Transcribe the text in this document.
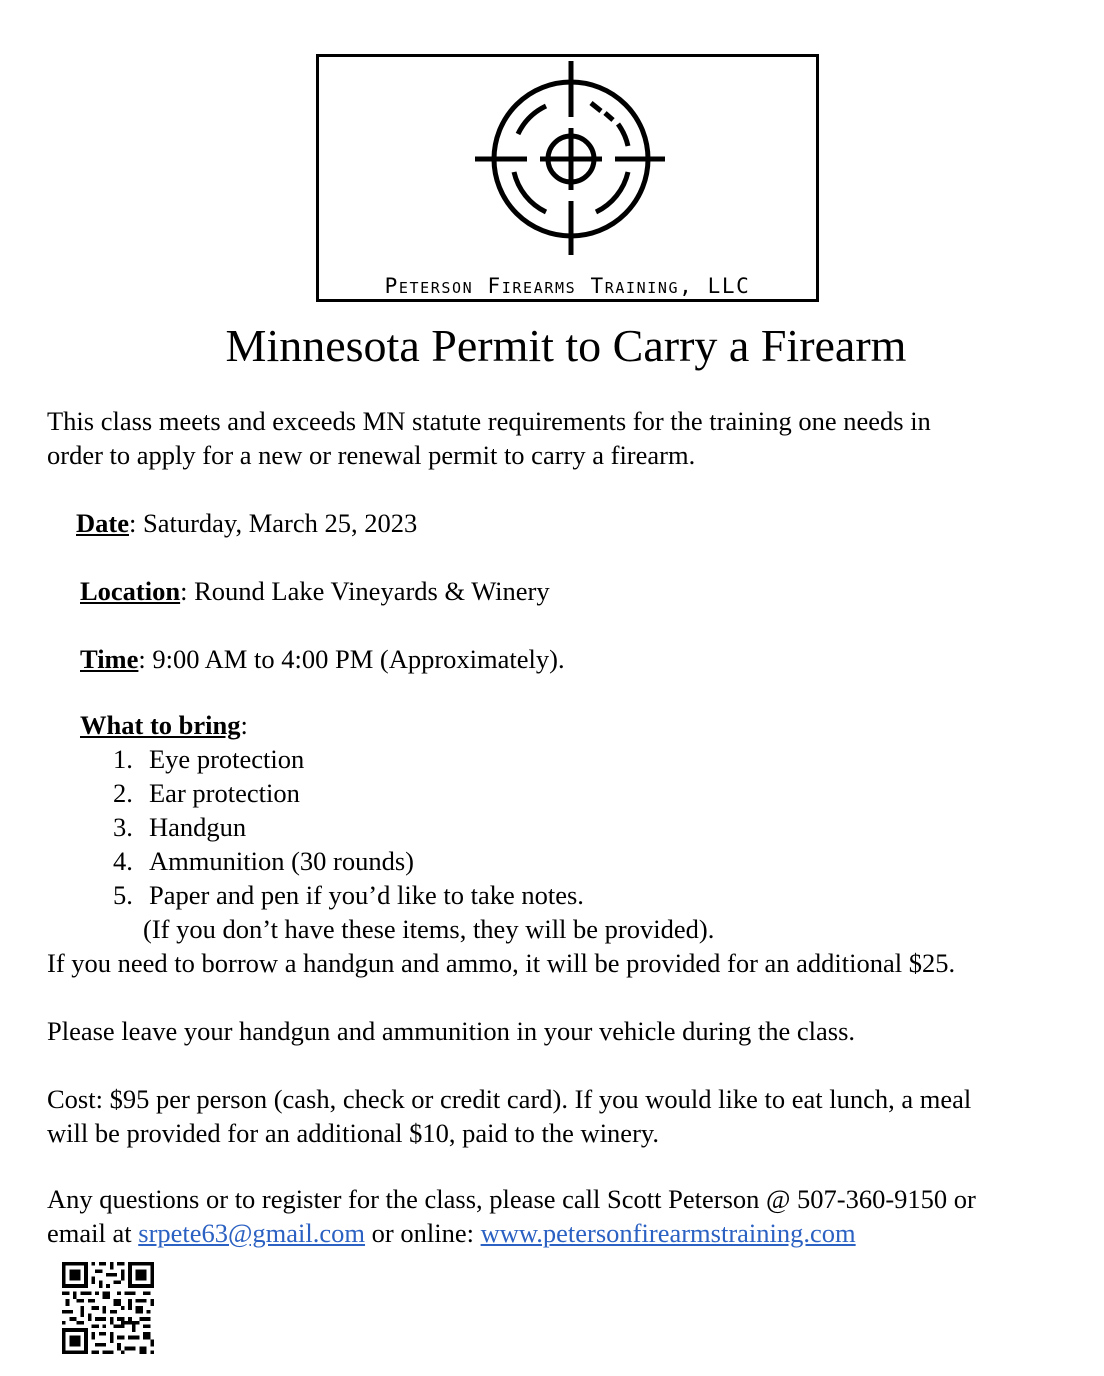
Peterson Firearms Training, LLC
Minnesota Permit to Carry a Firearm
This class meets and exceeds MN statute requirements for the training one needs in
order to apply for a new or renewal permit to carry a firearm.
Date: Saturday, March 25, 2023
Location: Round Lake Vineyards & Winery
Time: 9:00 AM to 4:00 PM (Approximately).
What to bring:
1. Eye protection
2. Ear protection
3. Handgun
4. Ammunition (30 rounds)
5. Paper and pen if you’d like to take notes.
(If you don’t have these items, they will be provided).
If you need to borrow a handgun and ammo, it will be provided for an additional $25.
Please leave your handgun and ammunition in your vehicle during the class.
Cost: $95 per person (cash, check or credit card). If you would like to eat lunch, a meal
will be provided for an additional $10, paid to the winery.
Any questions or to register for the class, please call Scott Peterson @ 507-360-9150 or
email at srpete63@gmail.com or online: www.petersonfirearmstraining.com
